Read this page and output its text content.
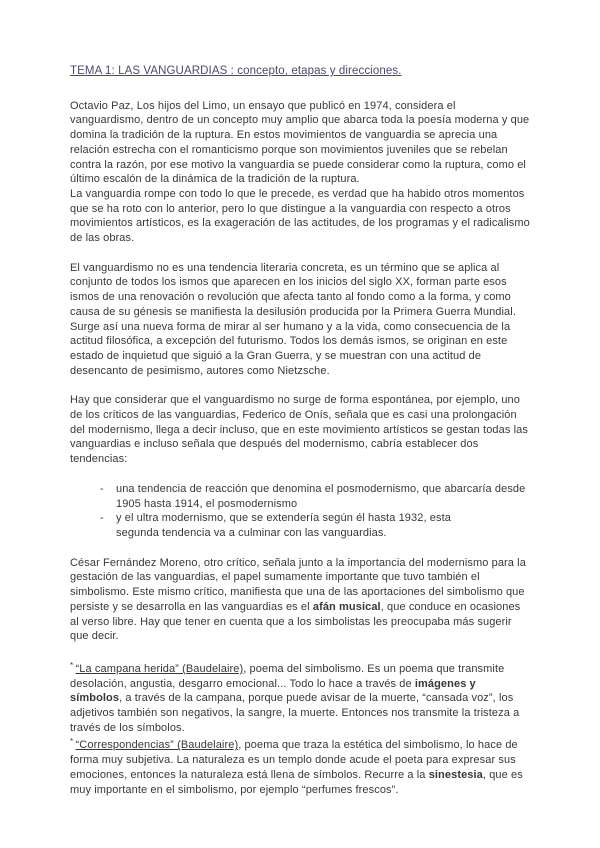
TEMA 1: LAS VANGUARDIAS : concepto, etapas y direcciones.

Octavio Paz, Los hijos del Limo, un ensayo que publicó en 1974, considera el vanguardismo, dentro de un concepto muy amplio que abarca toda la poesía moderna y que domina la tradición de la ruptura. En estos movimientos de vanguardia se aprecia una relación estrecha con el romanticismo porque son movimientos juveniles que se rebelan contra la razón, por ese motivo la vanguardia se puede considerar como la ruptura, como el último escalón de la dinámica de la tradición de la ruptura.
La vanguardia rompe con todo lo que le precede, es verdad que ha habido otros momentos que se ha roto con lo anterior, pero lo que distingue a la vanguardia con respecto a otros movimientos artísticos, es la exageración de las actitudes, de los programas y el radicalismo de las obras.

El vanguardismo no es una tendencia literaria concreta, es un término que se aplica al conjunto de todos los ismos que aparecen en los inicios del siglo XX, forman parte esos ismos de una renovación o revolución que afecta tanto al fondo como a la forma, y como causa de su génesis se manifiesta la desilusión producida por la Primera Guerra Mundial. Surge así una nueva forma de mirar al ser humano y a la vida, como consecuencia de la actitud filosófica, a excepción del futurismo. Todos los demás ismos, se originan en este estado de inquietud que siguió a la Gran Guerra, y se muestran con una actitud de desencanto de pesimismo, autores como Nietzsche.

Hay que considerar que el vanguardismo no surge de forma espontánea, por ejemplo, uno de los críticos de las vanguardias, Federico de Onís, señala que es casi una prolongación del modernismo, llega a decir incluso, que en este movimiento artísticos se gestan todas las vanguardias e incluso señala que después del modernismo, cabría establecer dos tendencias:

-	una tendencia de reacción que denomina el posmodernismo, que abarcaría desde 1905 hasta 1914, el posmodernismo
-	y el ultra modernismo, que se extendería según él hasta 1932, esta
segunda tendencia va a culminar con las vanguardias.

César Fernández Moreno, otro crítico, señala junto a la importancia del modernismo para la gestación de las vanguardias, el papel sumamente importante que tuvo también el simbolismo. Este mismo crítico, manifiesta que una de las aportaciones del simbolismo que persiste y se desarrolla en las vanguardias es el afán musical, que conduce en ocasiones al verso libre. Hay que tener en cuenta que a los simbolistas les preocupaba más sugerir que decir.

* “La campana herida” (Baudelaire), poema del simbolismo. Es un poema que transmite desolación, angustia, desgarro emocional... Todo lo hace a través de imágenes y símbolos, a través de la campana, porque puede avisar de la muerte, “cansada voz”, los adjetivos también son negativos, la sangre, la muerte. Entonces nos transmite la tristeza a través de los símbolos.
* “Correspondencias” (Baudelaire), poema que traza la estética del simbolismo, lo hace de forma muy subjetiva. La naturaleza es un templo donde acude el poeta para expresar sus emociones, entonces la naturaleza está llena de símbolos. Recurre a la sinestesia, que es muy importante en el simbolismo, por ejemplo “perfumes frescos”.
